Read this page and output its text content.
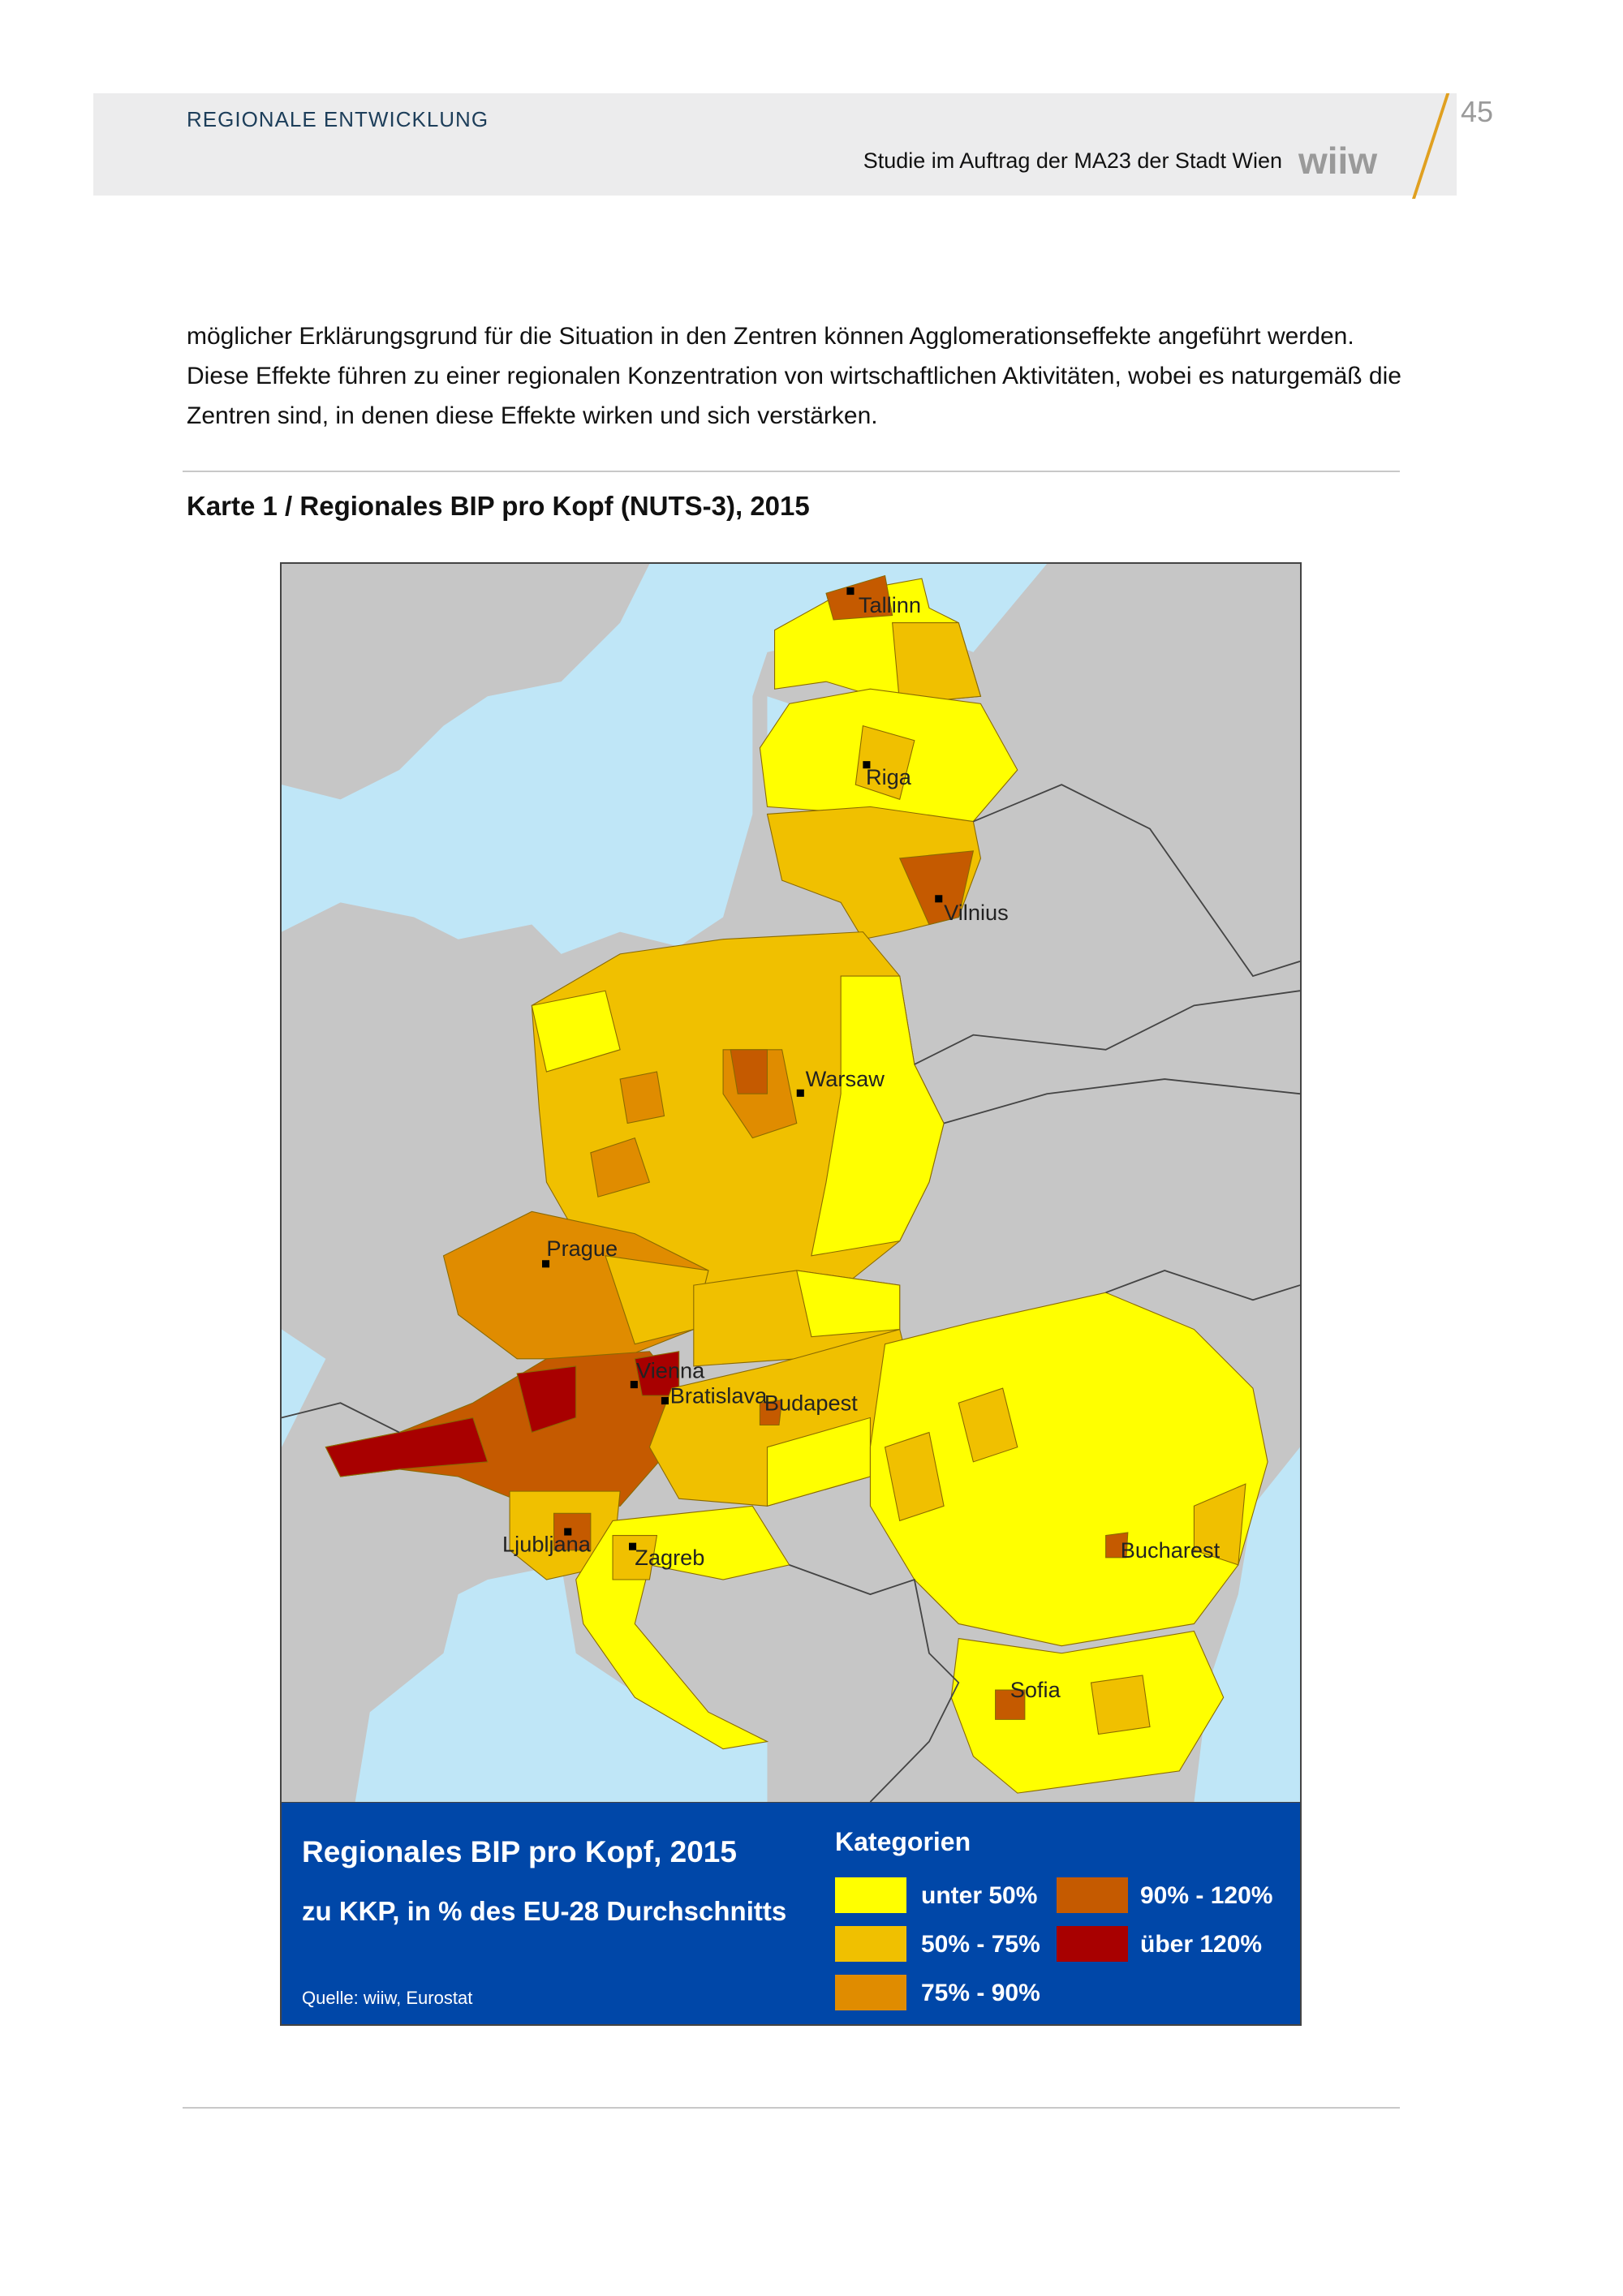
REGIONALE ENTWICKLUNG
Studie im Auftrag der MA23 der Stadt Wien wiiw
45
möglicher Erklärungsgrund für die Situation in den Zentren können Agglomerationseffekte angeführt werden. Diese Effekte führen zu einer regionalen Konzentration von wirtschaftlichen Aktivitäten, wobei es naturgemäß die Zentren sind, in denen diese Effekte wirken und sich verstärken.
Karte 1 / Regionales BIP pro Kopf (NUTS-3), 2015
Tallinn
Riga
Vilnius
Warsaw
Prague
Vienna
Bratislava
Budapest
Ljubljana
Zagreb	Bucharest
Sofia
Regionales BIP pro Kopf, 2015
zu KKP, in % des EU-28 Durchschnitts
Quelle: wiiw, Eurostat
Kategorien
unter 50%
50% - 75%
75% - 90%
90% - 120%
über 120%
